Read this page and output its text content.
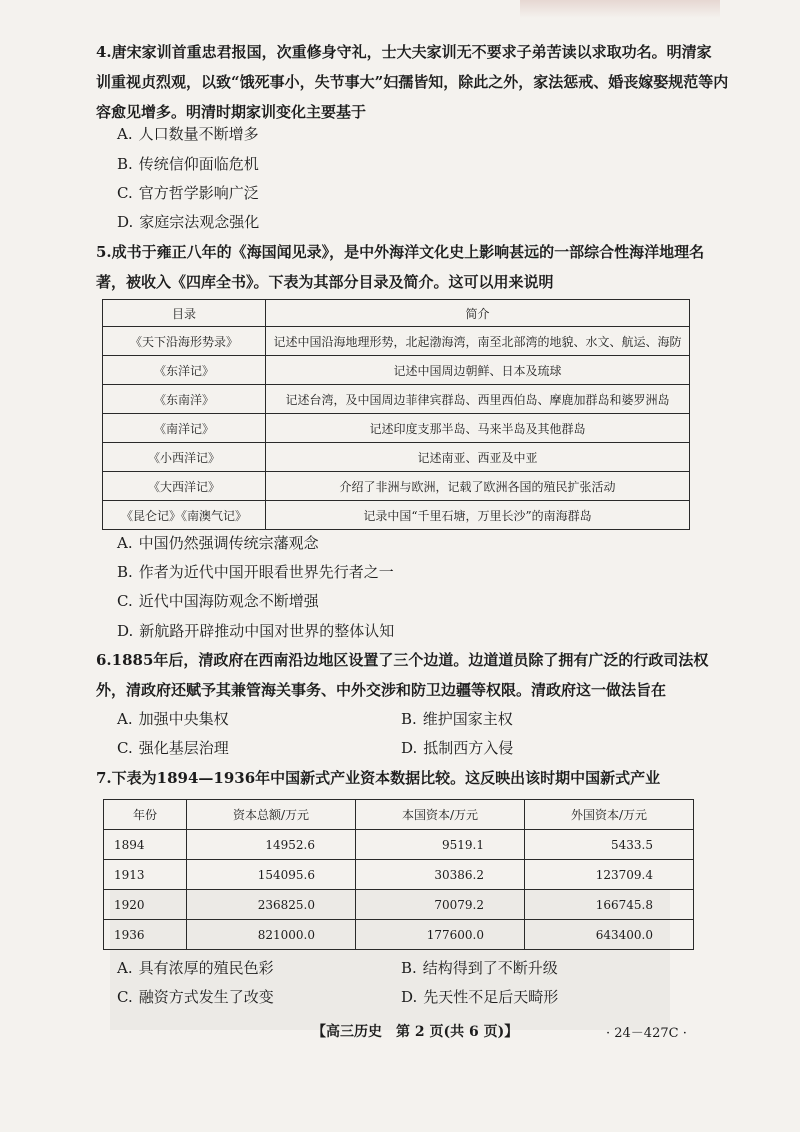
4.唐宋家训首重忠君报国，次重修身守礼，士大夫家训无不要求子弟苦读以求取功名。明清家
训重视贞烈观，以致“饿死事小，失节事大”妇孺皆知，除此之外，家法惩戒、婚丧嫁娶规范等内
容愈见增多。明清时期家训变化主要基于
A. 人口数量不断增多
B. 传统信仰面临危机
C. 官方哲学影响广泛
D. 家庭宗法观念强化
5.成书于雍正八年的《海国闻见录》，是中外海洋文化史上影响甚远的一部综合性海洋地理名
著，被收入《四库全书》。下表为其部分目录及简介。这可以用来说明
目录	简介
《天下沿海形势录》	记述中国沿海地理形势，北起渤海湾，南至北部湾的地貌、水文、航运、海防
《东洋记》	记述中国周边朝鲜、日本及琉球
《东南洋》	记述台湾，及中国周边菲律宾群岛、西里西伯岛、摩鹿加群岛和婆罗洲岛
《南洋记》	记述印度支那半岛、马来半岛及其他群岛
《小西洋记》	记述南亚、西亚及中亚
《大西洋记》	介绍了非洲与欧洲，记载了欧洲各国的殖民扩张活动
《昆仑记》《南澳气记》	记录中国“千里石塘，万里长沙”的南海群岛
A. 中国仍然强调传统宗藩观念
B. 作者为近代中国开眼看世界先行者之一
C. 近代中国海防观念不断增强
D. 新航路开辟推动中国对世界的整体认知
6.1885年后，清政府在西南沿边地区设置了三个边道。边道道员除了拥有广泛的行政司法权
外，清政府还赋予其兼管海关事务、中外交涉和防卫边疆等权限。清政府这一做法旨在
A. 加强中央集权	B. 维护国家主权
C. 强化基层治理	D. 抵制西方入侵
7.下表为1894—1936年中国新式产业资本数据比较。这反映出该时期中国新式产业
年份	资本总额/万元	本国资本/万元	外国资本/万元
1894	14952.6	9519.1	5433.5
1913	154095.6	30386.2	123709.4
1920	236825.0	70079.2	166745.8
1936	821000.0	177600.0	643400.0
A. 具有浓厚的殖民色彩	B. 结构得到了不断升级
C. 融资方式发生了改变	D. 先天性不足后天畸形
【高三历史　第 2 页(共 6 页)】	· 24－427C ·
